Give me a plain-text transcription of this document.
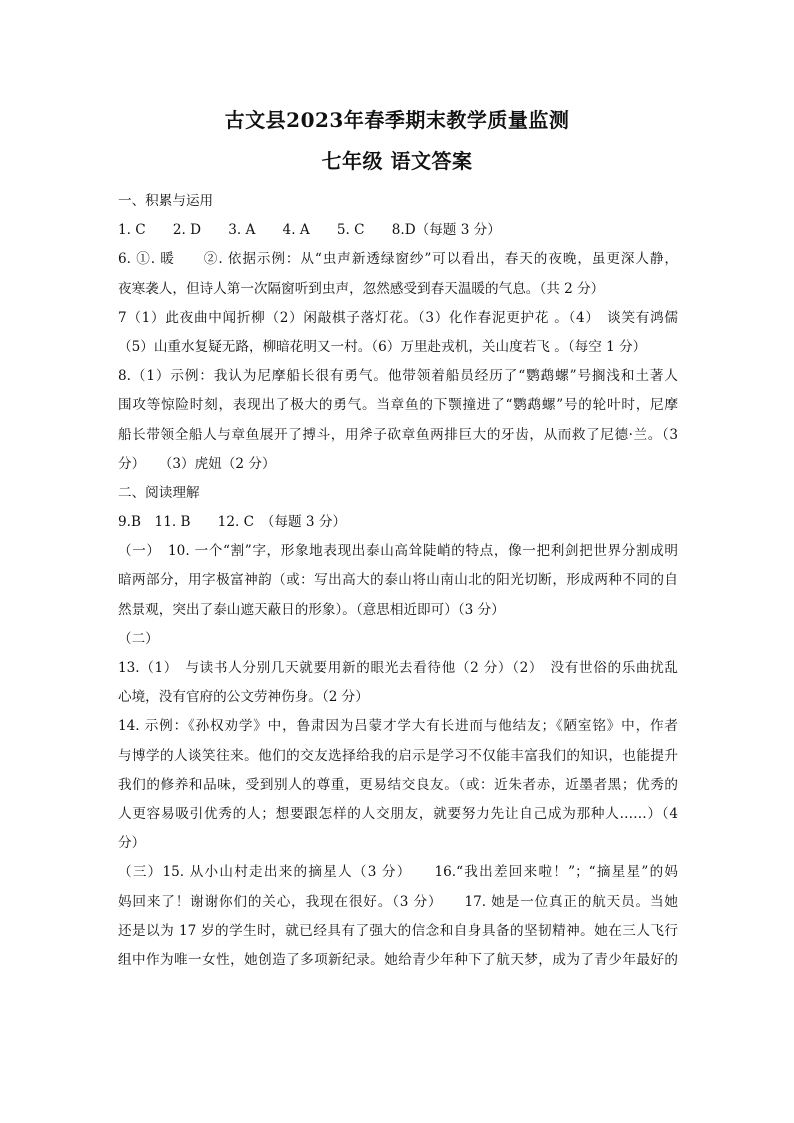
古文县2023年春季期末教学质量监测
七年级 语文答案
一、积累与运用
1. C　　2. D　　3. A　　4. A　　5. C　　8.D（每题 3 分）
6. ①. 暖　　②. 依据示例：从“虫声新透绿窗纱”可以看出，春天的夜晚，虽更深人静，
夜寒袭人，但诗人第一次隔窗听到虫声，忽然感受到春天温暖的气息。（共 2 分）
7（1）此夜曲中闻折柳（2）闲敲棋子落灯花。（3）化作春泥更护花 。（4）　谈笑有鸿儒
（5）山重水复疑无路，柳暗花明又一村。（6）万里赴戎机，关山度若飞 。（每空 1 分）
8.（1）示例：我认为尼摩船长很有勇气。他带领着船员经历了“鹦鹉螺”号搁浅和土著人
围攻等惊险时刻，表现出了极大的勇气。当章鱼的下颚撞进了“鹦鹉螺”号的轮叶时，尼摩
船长带领全船人与章鱼展开了搏斗，用斧子砍章鱼两排巨大的牙齿，从而救了尼德·兰。（3
分）　　（3）虎妞（2 分）
二、阅读理解
9.B　11. B　　12. C　（每题 3 分）
（一）　10. 一个“割”字，形象地表现出泰山高耸陡峭的特点，像一把利剑把世界分割成明
暗两部分，用字极富神韵（或：写出高大的泰山将山南山北的阳光切断，形成两种不同的自
然景观，突出了泰山遮天蔽日的形象）。（意思相近即可）（3 分）
（二）
13.（1）　与读书人分别几天就要用新的眼光去看待他（2 分）（2）　没有世俗的乐曲扰乱
心境，没有官府的公文劳神伤身。（2 分）
14. 示例：《孙权劝学》中，鲁肃因为吕蒙才学大有长进而与他结友；《陋室铭》中，作者
与博学的人谈笑往来。他们的交友选择给我的启示是学习不仅能丰富我们的知识，也能提升
我们的修养和品味，受到别人的尊重，更易结交良友。（或：近朱者赤，近墨者黑；优秀的
人更容易吸引优秀的人；想要跟怎样的人交朋友，就要努力先让自己成为那种人……）（4
分）
（三）15. 从小山村走出来的摘星人（3 分）　　16.“我出差回来啦！”；“摘星星”的妈
妈回来了！谢谢你们的关心，我现在很好。（3 分）　　17. 她是一位真正的航天员。当她
还是以为 17 岁的学生时，就已经具有了强大的信念和自身具备的坚韧精神。她在三人飞行
组中作为唯一女性，她创造了多项新纪录。她给青少年种下了航天梦，成为了青少年最好的
